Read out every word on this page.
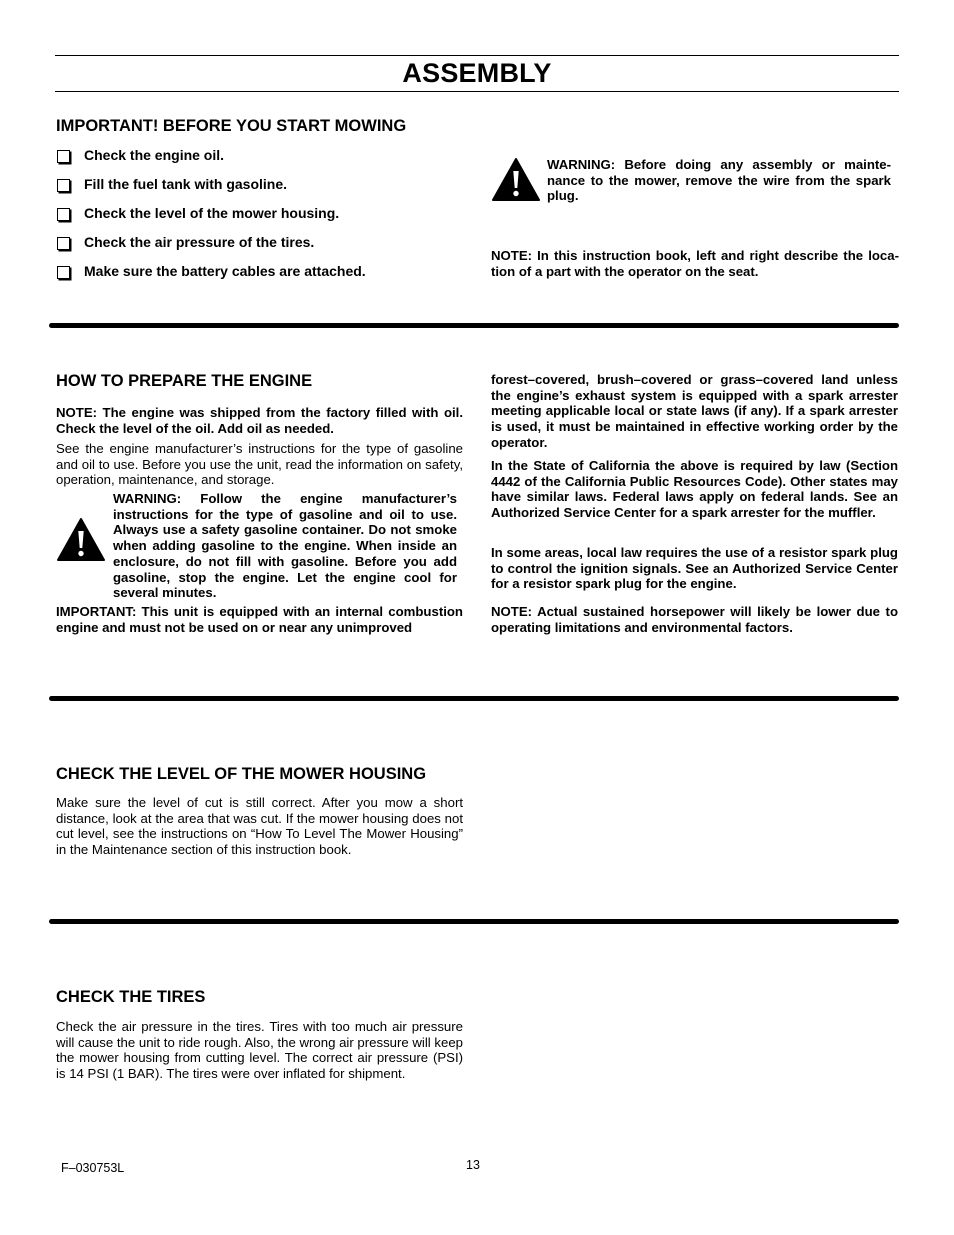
ASSEMBLY
IMPORTANT! BEFORE YOU START MOWING
Check the engine oil.
Fill the fuel tank with gasoline.
Check the level of the mower housing.
Check the air pressure of the tires.
Make sure the battery cables are attached.

WARNING: Before doing any assembly or mainte- nance to the mower, remove the wire from the spark plug.

NOTE: In this instruction book, left and right describe the loca- tion of a part with the operator on the seat.

HOW TO PREPARE THE ENGINE

NOTE: The engine was shipped from the factory filled with oil. Check the level of the oil. Add oil as needed.

See the engine manufacturer’s instructions for the type of gasoline and oil to use. Before you use the unit, read the information on safety, operation, maintenance, and storage.

WARNING: Follow the engine manufacturer’s instructions for the type of gasoline and oil to use. Always use a safety gasoline container. Do not smoke when adding gasoline to the engine. When inside an enclosure, do not fill with gasoline. Before you add gasoline, stop the engine. Let the engine cool for several minutes.

IMPORTANT: This unit is equipped with an internal combustion engine and must not be used on or near any unimproved

forest–covered, brush–covered or grass–covered land unless the engine’s exhaust system is equipped with a spark arrester meeting applicable local or state laws (if any). If a spark arrester is used, it must be maintained in effective working order by the operator.

In the State of California the above is required by law (Section 4442 of the California Public Resources Code). Other states may have similar laws. Federal laws apply on federal lands. See an Authorized Service Center for a spark arrester for the muffler.

In some areas, local law requires the use of a resistor spark plug to control the ignition signals. See an Authorized Service Center for a resistor spark plug for the engine.

NOTE: Actual sustained horsepower will likely be lower due to operating limitations and environmental factors.

CHECK THE LEVEL OF THE MOWER HOUSING

Make sure the level of cut is still correct. After you mow a short distance, look at the area that was cut. If the mower housing does not cut level, see the instructions on “How To Level The Mower Housing” in the Maintenance section of this instruction book.

CHECK THE TIRES

Check the air pressure in the tires. Tires with too much air pressure will cause the unit to ride rough. Also, the wrong air pressure will keep the mower housing from cutting level. The correct air pressure (PSI) is 14 PSI (1 BAR). The tires were over inflated for shipment.

F–030753L	13
